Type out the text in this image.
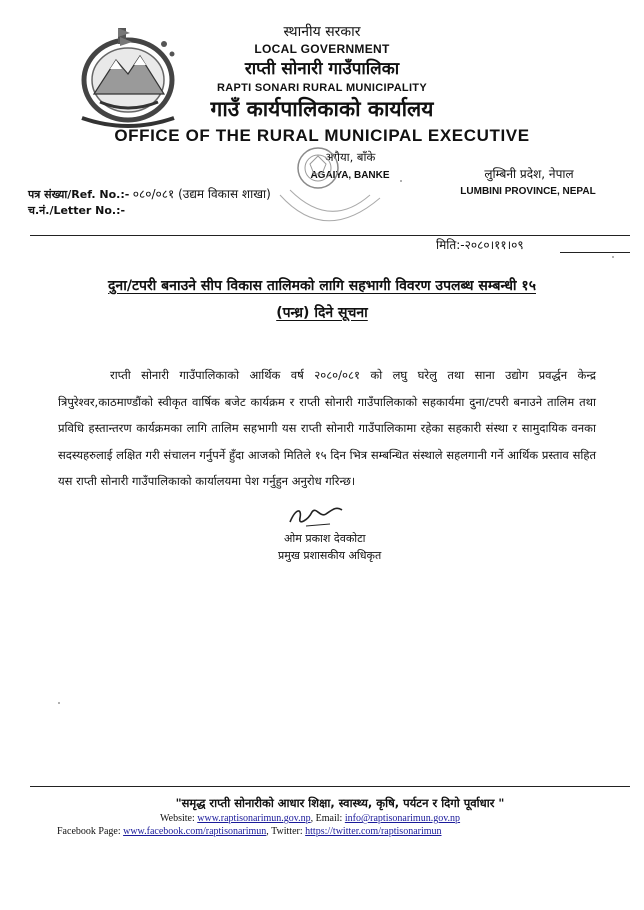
स्थानीय सरकार
LOCAL GOVERNMENT
राप्ती सोनारी गाउँपालिका
RAPTI SONARI RURAL MUNICIPALITY
गाउँ कार्यपालिकाको कार्यालय
OFFICE OF THE RURAL MUNICIPAL EXECUTIVE
अगैया, बाँके
AGAIYA, BANKE	लुम्बिनी प्रदेश, नेपाल
LUMBINI PROVINCE, NEPAL
पत्र संख्या/Ref. No.:- ०८०/०८१ (उद्यम विकास शाखा)
च.नं./Letter No.:-
मिति:-२०८०।११।०९
दुना/टपरी बनाउने सीप विकास तालिमको लागि सहभागी विवरण उपलब्ध सम्बन्धी १५
(पन्ध्र) दिने सूचना

राप्ती सोनारी गाउँपालिकाको आर्थिक वर्ष २०८०/०८१ को लघु घरेलु तथा साना उद्योग प्रवर्द्धन केन्द्र त्रिपुरेश्वर,काठमाण्डौंको स्वीकृत वार्षिक बजेट कार्यक्रम र राप्ती सोनारी गाउँपालिकाको सहकार्यमा दुना/टपरी बनाउने तालिम तथा प्रविधि हस्तान्तरण कार्यक्रमका लागि तालिम सहभागी यस राप्ती सोनारी गाउँपालिकामा रहेका सहकारी संस्था र सामुदायिक वनका सदस्यहरुलाई लक्षित गरी संचालन गर्नुपर्ने हुँदा आजको मितिले १५ दिन भित्र सम्बन्धित संस्थाले सहलगानी गर्ने आर्थिक प्रस्ताव सहित यस राप्ती सोनारी गाउँपालिकाको कार्यालयमा पेश गर्नुहुन अनुरोध गरिन्छ।

ओम प्रकाश देवकोटा
प्रमुख प्रशासकीय अधिकृत
"समृद्ध राप्ती सोनारीको आधार शिक्षा, स्वास्थ्य, कृषि, पर्यटन र दिगो पूर्वाधार "
Website: www.raptisonarimun.gov.np, Email: info@raptisonarimun.gov.np
Facebook Page: www.facebook.com/raptisonarimun, Twitter: https://twitter.com/raptisonarimun
